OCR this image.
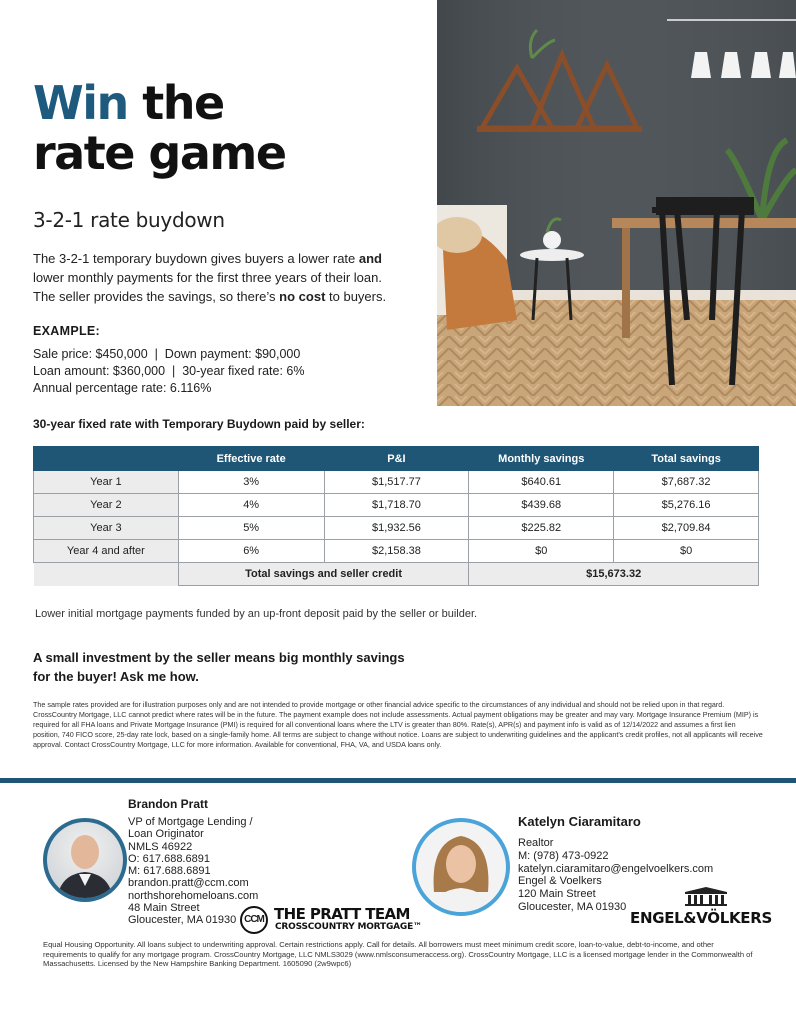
Win the
rate game
3-2-1 rate buydown
The 3-2-1 temporary buydown gives buyers a lower rate and lower monthly payments for the first three years of their loan. The seller provides the savings, so there’s no cost to buyers.
EXAMPLE:
Sale price: $450,000  |  Down payment: $90,000
Loan amount: $360,000  |  30-year fixed rate: 6%
Annual percentage rate: 6.116%
30-year fixed rate with Temporary Buydown paid by seller:
	Effective rate	P&I	Monthly savings	Total savings
Year 1	3%	$1,517.77	$640.61	$7,687.32
Year 2	4%	$1,718.70	$439.68	$5,276.16
Year 3	5%	$1,932.56	$225.82	$2,709.84
Year 4 and after	6%	$2,158.38	$0	$0
	Total savings and seller credit		$15,673.32	
Lower initial mortgage payments funded by an up-front deposit paid by the seller or builder.
A small investment by the seller means big monthly savings
for the buyer! Ask me how.
The sample rates provided are for illustration purposes only and are not intended to provide mortgage or other financial advice specific to the circumstances of any individual and should not be relied upon in that regard. CrossCountry Mortgage, LLC cannot predict where rates will be in the future. The payment example does not include assessments. Actual payment obligations may be greater and may vary. Mortgage Insurance Premium (MIP) is required for all FHA loans and Private Mortgage Insurance (PMI) is required for all conventional loans where the LTV is greater than 80%. Rate(s), APR(s) and payment info is valid as of 12/14/2022 and assumes a first lien position, 740 FICO score, 25-day rate lock, based on a single-family home. All terms are subject to change without notice. Loans are subject to underwriting guidelines and the applicant’s credit profiles, not all applicants will receive approval. Contact CrossCountry Mortgage, LLC for more information. Available for conventional, FHA, VA, and USDA loans only.
Brandon Pratt
VP of Mortgage Lending /
Loan Originator
NMLS 46922
O: 617.688.6891
M: 617.688.6891
brandon.pratt@ccm.com
northshorehomeloans.com
48 Main Street
Gloucester, MA 01930 CCM THE PRATT TEAM
CROSSCOUNTRY MORTGAGE™
Katelyn Ciaramitaro
Realtor
M: (978) 473-0922
katelyn.ciaramitaro@engelvoelkers.com
Engel & Voelkers
120 Main Street
Gloucester, MA 01930
ENGEL&VÖLKERS
Equal Housing Opportunity. All loans subject to underwriting approval. Certain restrictions apply. Call for details. All borrowers must meet minimum credit score, loan-to-value, debt-to-income, and other requirements to qualify for any mortgage program. CrossCountry Mortgage, LLC NMLS3029 (www.nmlsconsumeraccess.org). CrossCountry Mortgage, LLC is a licensed mortgage lender in the Commonwealth of Massachusetts. Licensed by the New Hampshire Banking Department. 1605090 (2w9wpc6)
